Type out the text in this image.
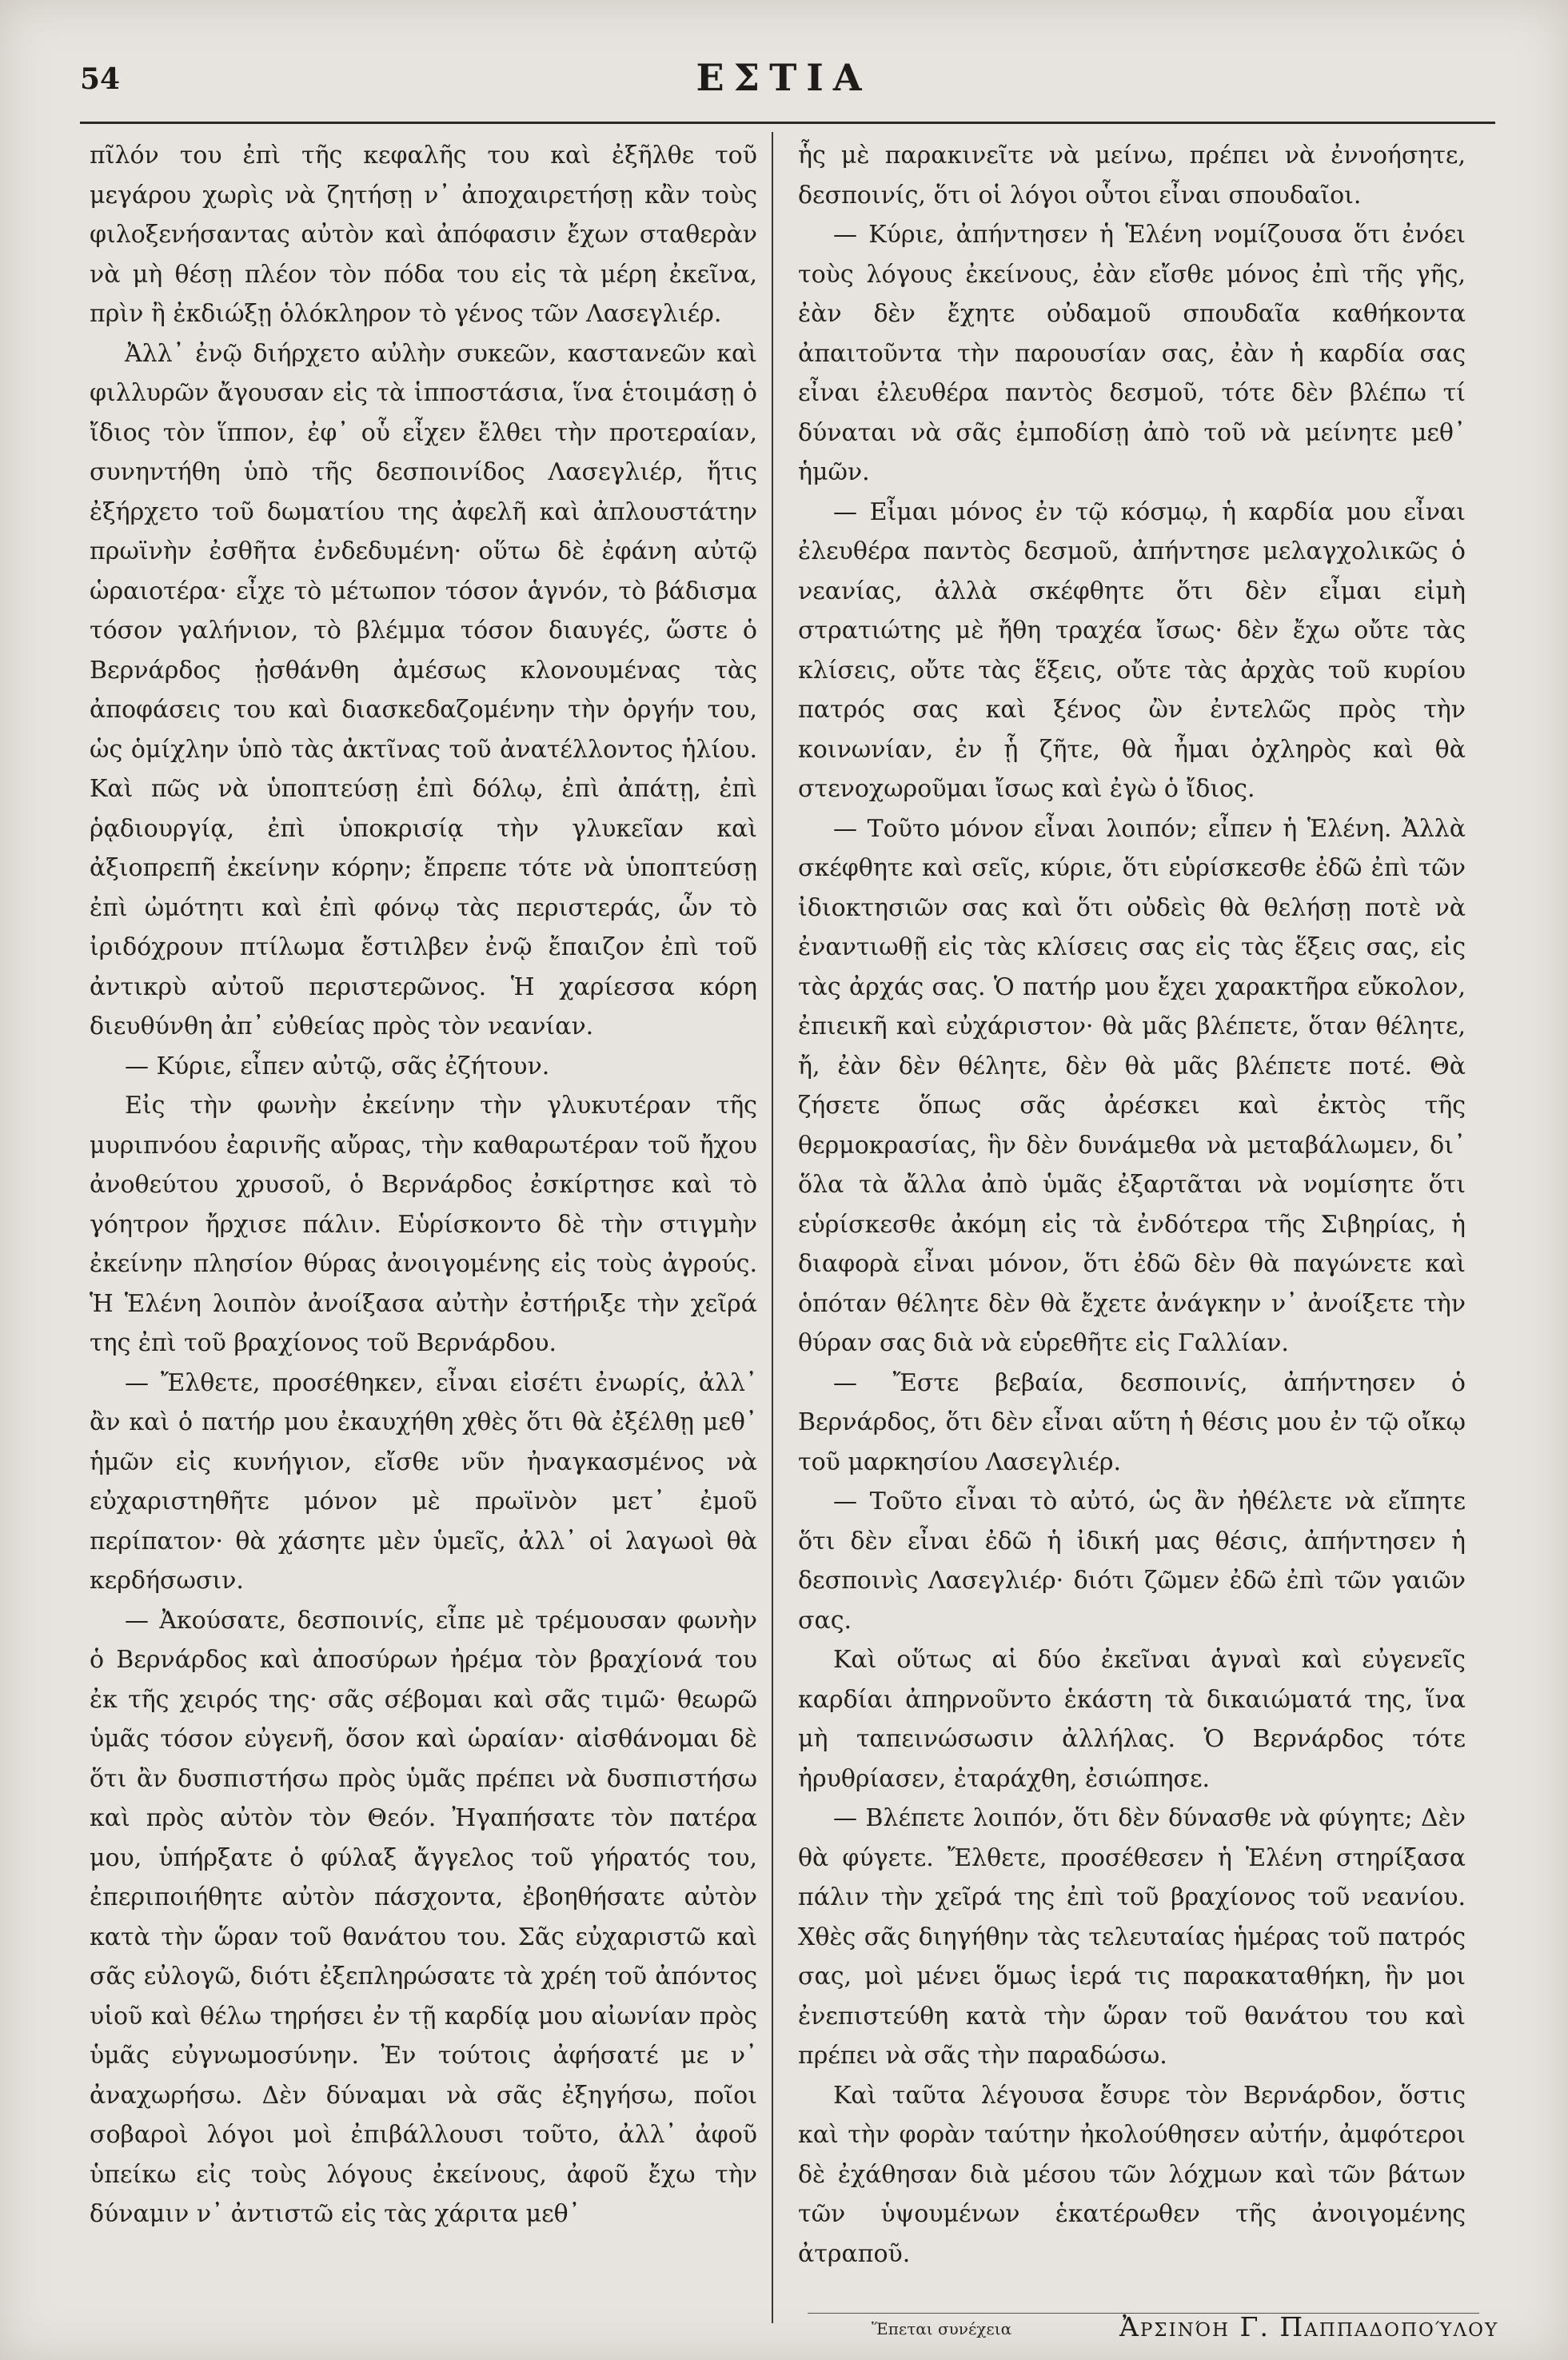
54	ΕΣΤΙΑ

πῖλόν του ἐπὶ τῆς κεφαλῆς του καὶ ἐξῆλθε τοῦ μεγάρου χωρὶς νὰ ζητήσῃ ν᾿ ἀποχαιρετήσῃ κἂν τοὺς φιλοξενήσαντας αὐτὸν καὶ ἀπόφασιν ἔχων σταθερὰν νὰ μὴ θέσῃ πλέον τὸν πόδα του εἰς τὰ μέρη ἐκεῖνα, πρὶν ἢ ἐκδιώξῃ ὁλόκληρον τὸ γένος τῶν Λασεγλιέρ.

Ἀλλ᾿ ἐνῷ διήρχετο αὐλὴν συκεῶν, καστανεῶν καὶ φιλλυρῶν ἄγουσαν εἰς τὰ ἱπποστάσια, ἵνα ἑτοιμάσῃ ὁ ἴδιος τὸν ἵππον, ἐφ᾿ οὗ εἶχεν ἔλθει τὴν προτεραίαν, συνηντήθη ὑπὸ τῆς δεσποινίδος Λασεγλιέρ, ἥτις ἐξήρχετο τοῦ δωματίου της ἀφελῆ καὶ ἀπλουστάτην πρωϊνὴν ἐσθῆτα ἐνδεδυμένη· οὕτω δὲ ἐφάνη αὐτῷ ὡραιοτέρα· εἶχε τὸ μέτωπον τόσον ἁγνόν, τὸ βάδισμα τόσον γαλήνιον, τὸ βλέμμα τόσον διαυγές, ὥστε ὁ Βερνάρδος ᾐσθάνθη ἀμέσως κλονουμένας τὰς ἀποφάσεις του καὶ διασκεδαζομένην τὴν ὀργήν του, ὡς ὁμίχλην ὑπὸ τὰς ἀκτῖνας τοῦ ἀνατέλλοντος ἡλίου. Καὶ πῶς νὰ ὑποπτεύσῃ ἐπὶ δόλῳ, ἐπὶ ἀπάτῃ, ἐπὶ ῥᾳδιουργίᾳ, ἐπὶ ὑποκρισίᾳ τὴν γλυκεῖαν καὶ ἀξιοπρεπῆ ἐκείνην κόρην; ἔπρεπε τότε νὰ ὑποπτεύσῃ ἐπὶ ὠμότητι καὶ ἐπὶ φόνῳ τὰς περιστεράς, ὧν τὸ ἰριδόχρουν πτίλωμα ἔστιλβεν ἐνῷ ἔπαιζον ἐπὶ τοῦ ἀντικρὺ αὐτοῦ περιστερῶνος. Ἡ χαρίεσσα κόρη διευθύνθη ἀπ᾿ εὐθείας πρὸς τὸν νεανίαν.

— Κύριε, εἶπεν αὐτῷ, σᾶς ἐζήτουν.

Εἰς τὴν φωνὴν ἐκείνην τὴν γλυκυτέραν τῆς μυριπνόου ἐαρινῆς αὔρας, τὴν καθαρωτέραν τοῦ ἤχου ἀνοθεύτου χρυσοῦ, ὁ Βερνάρδος ἐσκίρτησε καὶ τὸ γόητρον ἤρχισε πάλιν. Εὑρίσκοντο δὲ τὴν στιγμὴν ἐκείνην πλησίον θύρας ἀνοιγομένης εἰς τοὺς ἀγρούς. Ἡ Ἑλένη λοιπὸν ἀνοίξασα αὐτὴν ἐστήριξε τὴν χεῖρά της ἐπὶ τοῦ βραχίονος τοῦ Βερνάρδου.

— Ἔλθετε, προσέθηκεν, εἶναι εἰσέτι ἐνωρίς, ἀλλ᾿ ἂν καὶ ὁ πατήρ μου ἐκαυχήθη χθὲς ὅτι θὰ ἐξέλθῃ μεθ᾿ ἡμῶν εἰς κυνήγιον, εἴσθε νῦν ἠναγκασμένος νὰ εὐχαριστηθῆτε μόνον μὲ πρωϊνὸν μετ᾿ ἐμοῦ περίπατον· θὰ χάσητε μὲν ὑμεῖς, ἀλλ᾿ οἱ λαγωοὶ θὰ κερδήσωσιν.

— Ἀκούσατε, δεσποινίς, εἶπε μὲ τρέμουσαν φωνὴν ὁ Βερνάρδος καὶ ἀποσύρων ἠρέμα τὸν βραχίονά του ἐκ τῆς χειρός της· σᾶς σέβομαι καὶ σᾶς τιμῶ· θεωρῶ ὑμᾶς τόσον εὐγενῆ, ὅσον καὶ ὡραίαν· αἰσθάνομαι δὲ ὅτι ἂν δυσπιστήσω πρὸς ὑμᾶς πρέπει νὰ δυσπιστήσω καὶ πρὸς αὐτὸν τὸν Θεόν. Ἠγαπήσατε τὸν πατέρα μου, ὑπήρξατε ὁ φύλαξ ἄγγελος τοῦ γήρατός του, ἐπεριποιήθητε αὐτὸν πάσχοντα, ἐβοηθήσατε αὐτὸν κατὰ τὴν ὥραν τοῦ θανάτου του. Σᾶς εὐχαριστῶ καὶ σᾶς εὐλογῶ, διότι ἐξεπληρώσατε τὰ χρέη τοῦ ἀπόντος υἱοῦ καὶ θέλω τηρήσει ἐν τῇ καρδίᾳ μου αἰωνίαν πρὸς ὑμᾶς εὐγνωμοσύνην. Ἐν τούτοις ἀφήσατέ με ν᾿ ἀναχωρήσω. Δὲν δύναμαι νὰ σᾶς ἐξηγήσω, ποῖοι σοβαροὶ λόγοι μοὶ ἐπιβάλλουσι τοῦτο, ἀλλ᾿ ἀφοῦ ὑπείκω εἰς τοὺς λόγους ἐκείνους, ἀφοῦ ἔχω τὴν δύναμιν ν᾿ ἀντιστῶ εἰς τὰς χάριτα μεθ᾿

ἧς μὲ παρακινεῖτε νὰ μείνω, πρέπει νὰ ἐννοήσητε, δεσποινίς, ὅτι οἱ λόγοι οὗτοι εἶναι σπουδαῖοι.

— Κύριε, ἀπήντησεν ἡ Ἑλένη νομίζουσα ὅτι ἐνόει τοὺς λόγους ἐκείνους, ἐὰν εἴσθε μόνος ἐπὶ τῆς γῆς, ἐὰν δὲν ἔχητε οὐδαμοῦ σπουδαῖα καθήκοντα ἀπαιτοῦντα τὴν παρουσίαν σας, ἐὰν ἡ καρδία σας εἶναι ἐλευθέρα παντὸς δεσμοῦ, τότε δὲν βλέπω τί δύναται νὰ σᾶς ἐμποδίσῃ ἀπὸ τοῦ νὰ μείνητε μεθ᾿ ἡμῶν.

— Εἶμαι μόνος ἐν τῷ κόσμῳ, ἡ καρδία μου εἶναι ἐλευθέρα παντὸς δεσμοῦ, ἀπήντησε μελαγχολικῶς ὁ νεανίας, ἀλλὰ σκέφθητε ὅτι δὲν εἶμαι εἰμὴ στρατιώτης μὲ ἤθη τραχέα ἴσως· δὲν ἔχω οὔτε τὰς κλίσεις, οὔτε τὰς ἕξεις, οὔτε τὰς ἀρχὰς τοῦ κυρίου πατρός σας καὶ ξένος ὢν ἐντελῶς πρὸς τὴν κοινωνίαν, ἐν ᾗ ζῆτε, θὰ ἦμαι ὀχληρὸς καὶ θὰ στενοχωροῦμαι ἴσως καὶ ἐγὼ ὁ ἴδιος.

— Τοῦτο μόνον εἶναι λοιπόν; εἶπεν ἡ Ἑλένη. Ἀλλὰ σκέφθητε καὶ σεῖς, κύριε, ὅτι εὑρίσκεσθε ἐδῶ ἐπὶ τῶν ἰδιοκτησιῶν σας καὶ ὅτι οὐδεὶς θὰ θελήσῃ ποτὲ νὰ ἐναντιωθῇ εἰς τὰς κλίσεις σας εἰς τὰς ἕξεις σας, εἰς τὰς ἀρχάς σας. Ὁ πατήρ μου ἔχει χαρακτῆρα εὔκολον, ἐπιεικῆ καὶ εὐχάριστον· θὰ μᾶς βλέπετε, ὅταν θέλητε, ἤ, ἐὰν δὲν θέλητε, δὲν θὰ μᾶς βλέπετε ποτέ. Θὰ ζήσετε ὅπως σᾶς ἀρέσκει καὶ ἐκτὸς τῆς θερμοκρασίας, ἣν δὲν δυνάμεθα νὰ μεταβάλωμεν, δι᾿ ὅλα τὰ ἄλλα ἀπὸ ὑμᾶς ἐξαρτᾶται νὰ νομίσητε ὅτι εὑρίσκεσθε ἀκόμη εἰς τὰ ἐνδότερα τῆς Σιβηρίας, ἡ διαφορὰ εἶναι μόνον, ὅτι ἐδῶ δὲν θὰ παγώνετε καὶ ὁπόταν θέλητε δὲν θὰ ἔχετε ἀνάγκην ν᾿ ἀνοίξετε τὴν θύραν σας διὰ νὰ εὑρεθῆτε εἰς Γαλλίαν.

— Ἔστε βεβαία, δεσποινίς, ἀπήντησεν ὁ Βερνάρδος, ὅτι δὲν εἶναι αὕτη ἡ θέσις μου ἐν τῷ οἴκῳ τοῦ μαρκησίου Λασεγλιέρ.

— Τοῦτο εἶναι τὸ αὐτό, ὡς ἂν ἠθέλετε νὰ εἴπητε ὅτι δὲν εἶναι ἐδῶ ἡ ἰδική μας θέσις, ἀπήντησεν ἡ δεσποινὶς Λασεγλιέρ· διότι ζῶμεν ἐδῶ ἐπὶ τῶν γαιῶν σας.

Καὶ οὕτως αἱ δύο ἐκεῖναι ἁγναὶ καὶ εὐγενεῖς καρδίαι ἀπηρνοῦντο ἑκάστη τὰ δικαιώματά της, ἵνα μὴ ταπεινώσωσιν ἀλλήλας. Ὁ Βερνάρδος τότε ἠρυθρίασεν, ἐταράχθη, ἐσιώπησε.

— Βλέπετε λοιπόν, ὅτι δὲν δύνασθε νὰ φύγητε; Δὲν θὰ φύγετε. Ἔλθετε, προσέθεσεν ἡ Ἑλένη στηρίξασα πάλιν τὴν χεῖρά της ἐπὶ τοῦ βραχίονος τοῦ νεανίου. Χθὲς σᾶς διηγήθην τὰς τελευταίας ἡμέρας τοῦ πατρός σας, μοὶ μένει ὅμως ἱερά τις παρακαταθήκη, ἣν μοι ἐνεπιστεύθη κατὰ τὴν ὥραν τοῦ θανάτου του καὶ πρέπει νὰ σᾶς τὴν παραδώσω.

Καὶ ταῦτα λέγουσα ἔσυρε τὸν Βερνάρδον, ὅστις καὶ τὴν φορὰν ταύτην ἠκολούθησεν αὐτήν, ἀμφότεροι δὲ ἐχάθησαν διὰ μέσου τῶν λόχμων καὶ τῶν βάτων τῶν ὑψουμένων ἑκατέρωθεν τῆς ἀνοιγομένης ἀτραποῦ.

Ἕπεται συνέχεια	Ἀρσινόη Γ. Παππαδοπούλου
